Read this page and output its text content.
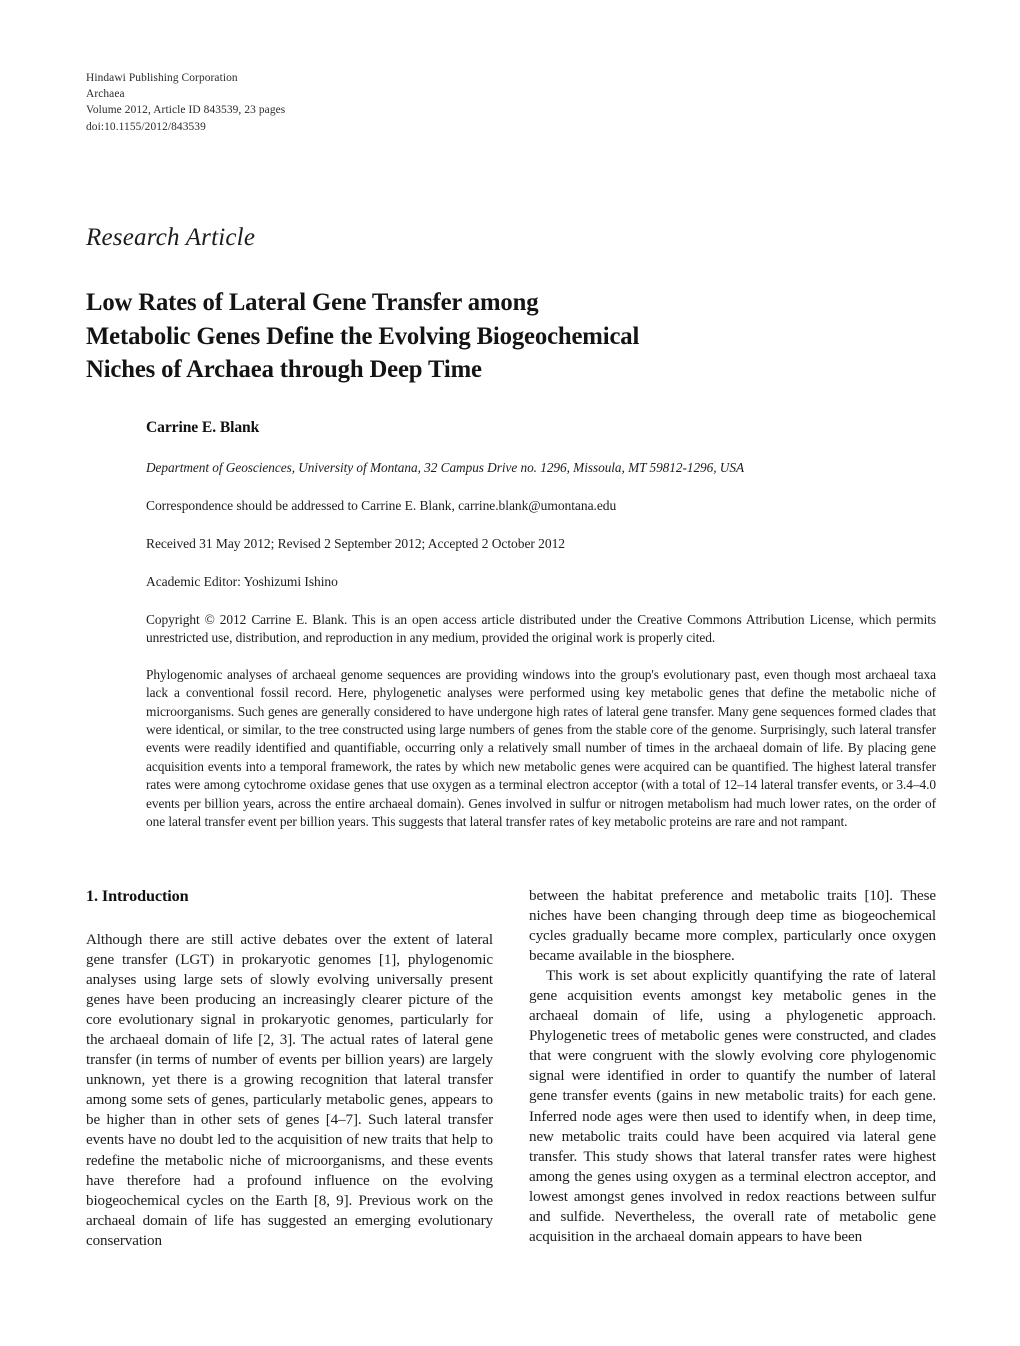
Hindawi Publishing Corporation
Archaea
Volume 2012, Article ID 843539, 23 pages
doi:10.1155/2012/843539
Research Article
Low Rates of Lateral Gene Transfer among
Metabolic Genes Define the Evolving Biogeochemical
Niches of Archaea through Deep Time

Carrine E. Blank

Department of Geosciences, University of Montana, 32 Campus Drive no. 1296, Missoula, MT 59812-1296, USA

Correspondence should be addressed to Carrine E. Blank, carrine.blank@umontana.edu

Received 31 May 2012; Revised 2 September 2012; Accepted 2 October 2012

Academic Editor: Yoshizumi Ishino

Copyright © 2012 Carrine E. Blank. This is an open access article distributed under the Creative Commons Attribution License, which permits unrestricted use, distribution, and reproduction in any medium, provided the original work is properly cited.

Phylogenomic analyses of archaeal genome sequences are providing windows into the group's evolutionary past, even though most archaeal taxa lack a conventional fossil record. Here, phylogenetic analyses were performed using key metabolic genes that define the metabolic niche of microorganisms. Such genes are generally considered to have undergone high rates of lateral gene transfer. Many gene sequences formed clades that were identical, or similar, to the tree constructed using large numbers of genes from the stable core of the genome. Surprisingly, such lateral transfer events were readily identified and quantifiable, occurring only a relatively small number of times in the archaeal domain of life. By placing gene acquisition events into a temporal framework, the rates by which new metabolic genes were acquired can be quantified. The highest lateral transfer rates were among cytochrome oxidase genes that use oxygen as a terminal electron acceptor (with a total of 12–14 lateral transfer events, or 3.4–4.0 events per billion years, across the entire archaeal domain). Genes involved in sulfur or nitrogen metabolism had much lower rates, on the order of one lateral transfer event per billion years. This suggests that lateral transfer rates of key metabolic proteins are rare and not rampant.

1. Introduction

Although there are still active debates over the extent of lateral gene transfer (LGT) in prokaryotic genomes [1], phylogenomic analyses using large sets of slowly evolving universally present genes have been producing an increasingly clearer picture of the core evolutionary signal in prokaryotic genomes, particularly for the archaeal domain of life [2, 3]. The actual rates of lateral gene transfer (in terms of number of events per billion years) are largely unknown, yet there is a growing recognition that lateral transfer among some sets of genes, particularly metabolic genes, appears to be higher than in other sets of genes [4–7]. Such lateral transfer events have no doubt led to the acquisition of new traits that help to redefine the metabolic niche of microorganisms, and these events have therefore had a profound influence on the evolving biogeochemical cycles on the Earth [8, 9]. Previous work on the archaeal domain of life has suggested an emerging evolutionary conservation

between the habitat preference and metabolic traits [10]. These niches have been changing through deep time as biogeochemical cycles gradually became more complex, particularly once oxygen became available in the biosphere.

This work is set about explicitly quantifying the rate of lateral gene acquisition events amongst key metabolic genes in the archaeal domain of life, using a phylogenetic approach. Phylogenetic trees of metabolic genes were constructed, and clades that were congruent with the slowly evolving core phylogenomic signal were identified in order to quantify the number of lateral gene transfer events (gains in new metabolic traits) for each gene. Inferred node ages were then used to identify when, in deep time, new metabolic traits could have been acquired via lateral gene transfer. This study shows that lateral transfer rates were highest among the genes using oxygen as a terminal electron acceptor, and lowest amongst genes involved in redox reactions between sulfur and sulfide. Nevertheless, the overall rate of metabolic gene acquisition in the archaeal domain appears to have been
